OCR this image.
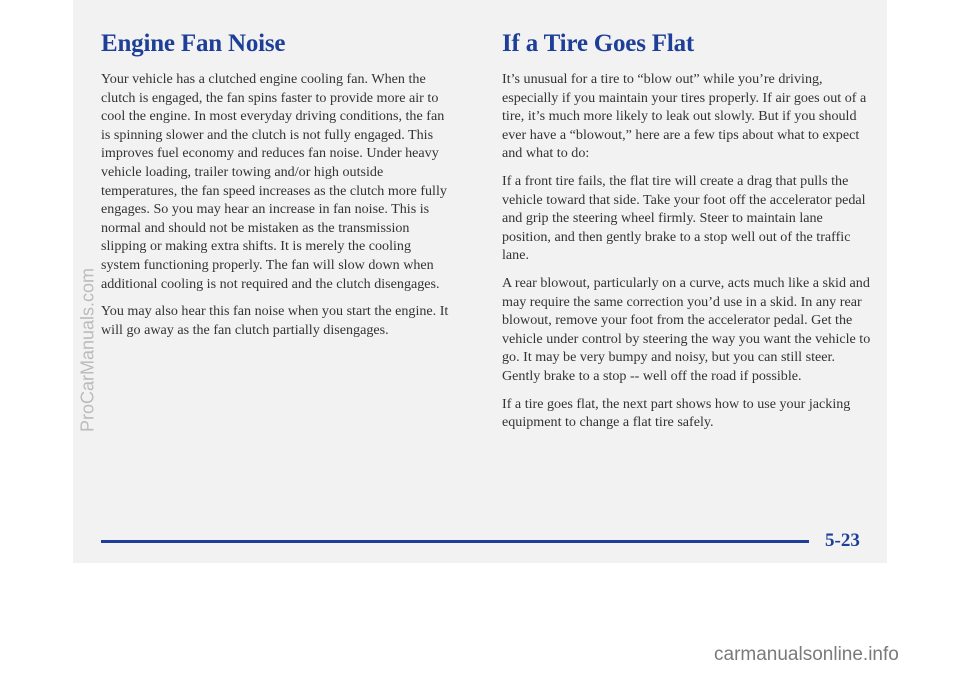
Engine Fan Noise

Your vehicle has a clutched engine cooling fan. When the clutch is engaged, the fan spins faster to provide more air to cool the engine. In most everyday driving conditions, the fan is spinning slower and the clutch is not fully engaged. This improves fuel economy and reduces fan noise. Under heavy vehicle loading, trailer towing and/or high outside temperatures, the fan speed increases as the clutch more fully engages. So you may hear an increase in fan noise. This is normal and should not be mistaken as the transmission slipping or making extra shifts. It is merely the cooling system functioning properly. The fan will slow down when additional cooling is not required and the clutch disengages.

You may also hear this fan noise when you start the engine. It will go away as the fan clutch partially disengages.

If a Tire Goes Flat

It’s unusual for a tire to “blow out” while you’re driving, especially if you maintain your tires properly. If air goes out of a tire, it’s much more likely to leak out slowly. But if you should ever have a “blowout,” here are a few tips about what to expect and what to do:

If a front tire fails, the flat tire will create a drag that pulls the vehicle toward that side. Take your foot off the accelerator pedal and grip the steering wheel firmly. Steer to maintain lane position, and then gently brake to a stop well out of the traffic lane.

A rear blowout, particularly on a curve, acts much like a skid and may require the same correction you’d use in a skid. In any rear blowout, remove your foot from the accelerator pedal. Get the vehicle under control by steering the way you want the vehicle to go. It may be very bumpy and noisy, but you can still steer. Gently brake to a stop -- well off the road if possible.

If a tire goes flat, the next part shows how to use your jacking equipment to change a flat tire safely.

5-23
ProCarManuals.com
carmanualsonline.info
